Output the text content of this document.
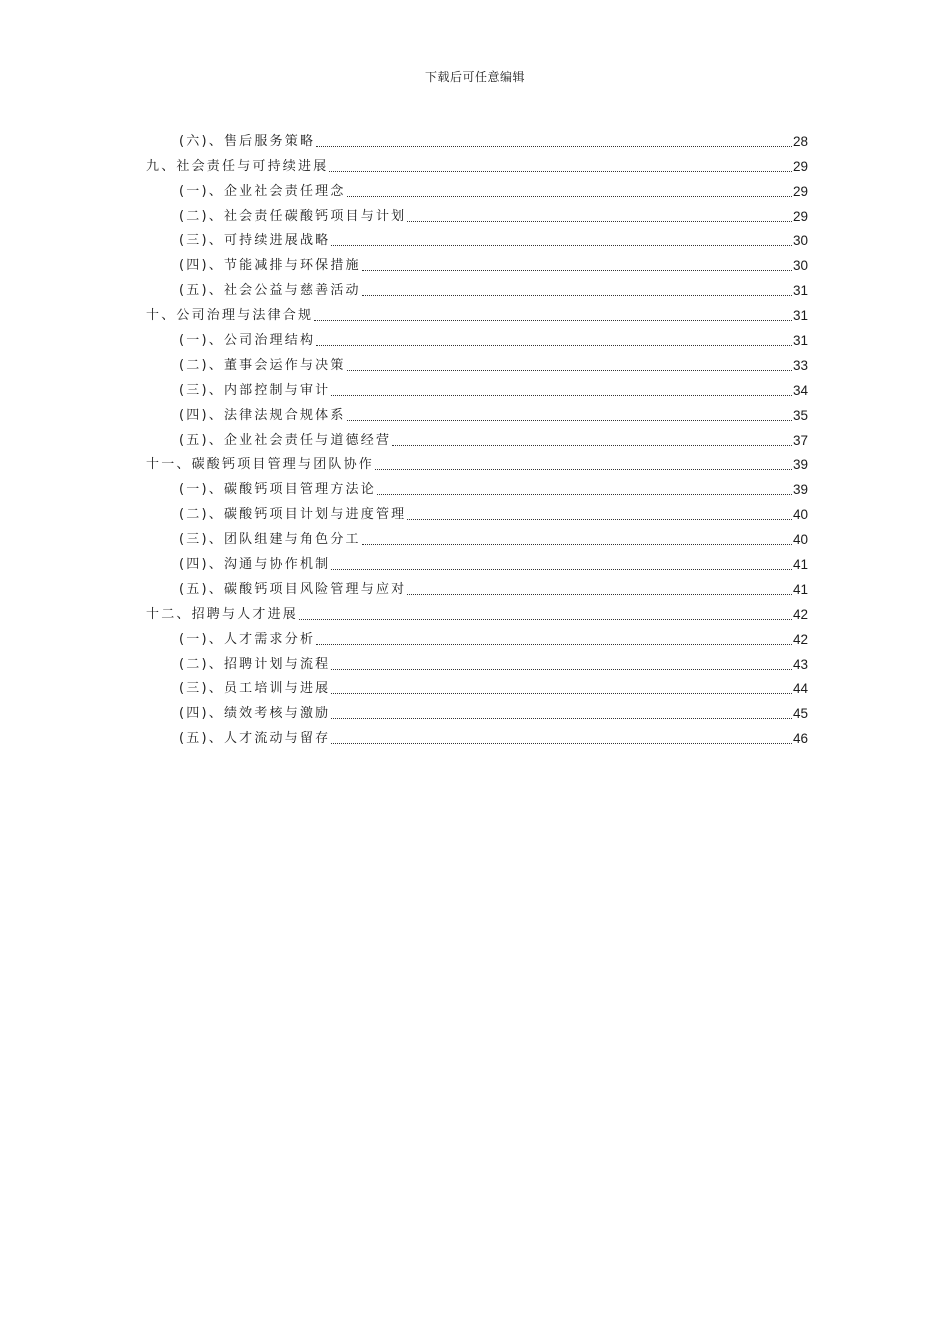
下载后可任意编辑
(六)、售后服务策略	28
九、社会责任与可持续进展	29
(一)、企业社会责任理念	29
(二)、社会责任碳酸钙项目与计划	29
(三)、可持续进展战略	30
(四)、节能减排与环保措施	30
(五)、社会公益与慈善活动	31
十、公司治理与法律合规	31
(一)、公司治理结构	31
(二)、董事会运作与决策	33
(三)、内部控制与审计	34
(四)、法律法规合规体系	35
(五)、企业社会责任与道德经营	37
十一、碳酸钙项目管理与团队协作	39
(一)、碳酸钙项目管理方法论	39
(二)、碳酸钙项目计划与进度管理	40
(三)、团队组建与角色分工	40
(四)、沟通与协作机制	41
(五)、碳酸钙项目风险管理与应对	41
十二、招聘与人才进展	42
(一)、人才需求分析	42
(二)、招聘计划与流程	43
(三)、员工培训与进展	44
(四)、绩效考核与激励	45
(五)、人才流动与留存	46
